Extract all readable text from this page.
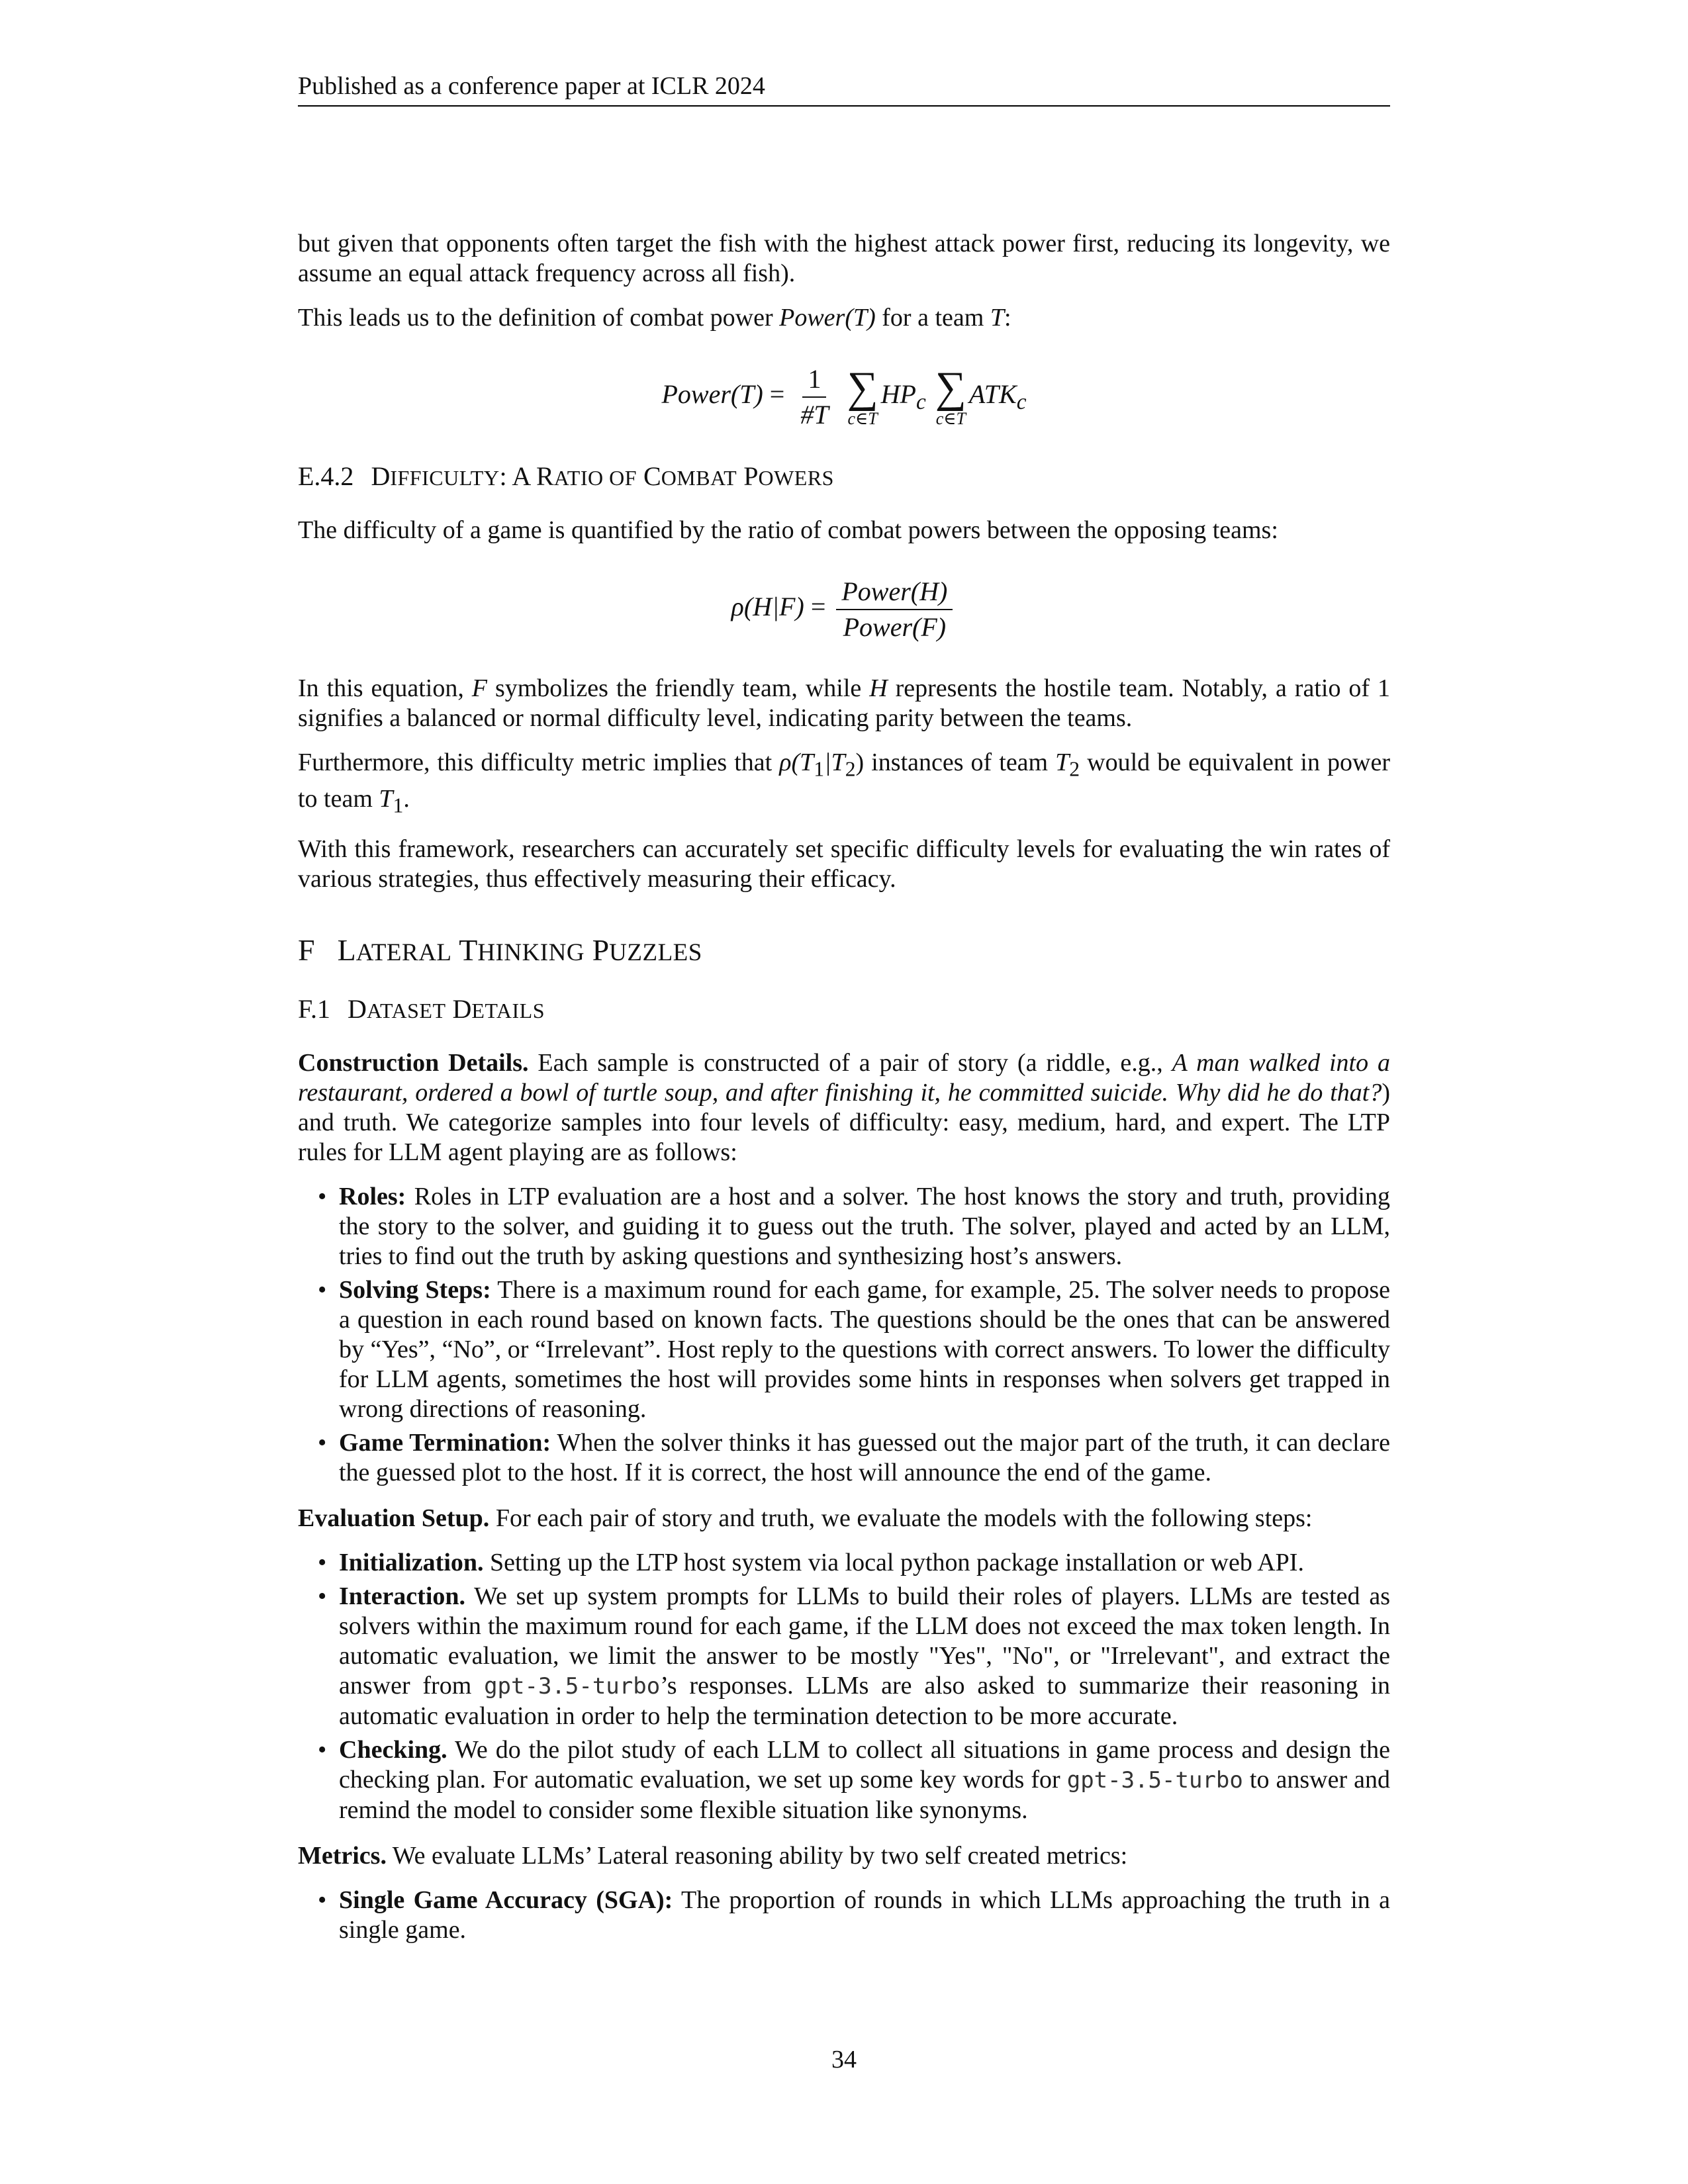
Published as a conference paper at ICLR 2024

but given that opponents often target the fish with the highest attack power first, reducing its longevity, we assume an equal attack frequency across all fish).

This leads us to the definition of combat power Power(T) for a team T:

Power(T) = $\frac{1}{\#T}$
∑
c∈T
$HP_c$ ∑
c∈T
$ATK_c$
E.4.2 DIFFICULTY: A RATIO OF COMBAT POWERS

The difficulty of a game is quantified by the ratio of combat powers between the opposing teams:

$\rho(H|F) = \frac{\text{Power(H)}}{\text{Power(F)}}$

In this equation, F symbolizes the friendly team, while H represents the hostile team. Notably, a ratio of 1 signifies a balanced or normal difficulty level, indicating parity between the teams.

Furthermore, this difficulty metric implies that $\rho(T_1|T_2)$ instances of team $T_2$ would be equivalent in power to team $T_1$.

With this framework, researchers can accurately set specific difficulty levels for evaluating the win rates of various strategies, thus effectively measuring their efficacy.

F LATERAL THINKING PUZZLES
F.1 DATASET DETAILS

Construction Details. Each sample is constructed of a pair of story (a riddle, e.g., A man walked into a restaurant, ordered a bowl of turtle soup, and after finishing it, he committed suicide. Why did he do that?) and truth. We categorize samples into four levels of difficulty: easy, medium, hard, and expert. The LTP rules for LLM agent playing are as follows:

• Roles: Roles in LTP evaluation are a host and a solver. The host knows the story and truth, providing the story to the solver, and guiding it to guess out the truth. The solver, played and acted by an LLM, tries to find out the truth by asking questions and synthesizing host’s answers.
• Solving Steps: There is a maximum round for each game, for example, 25. The solver needs to propose a question in each round based on known facts. The questions should be the ones that can be answered by “Yes”, “No”, or “Irrelevant”. Host reply to the questions with correct answers. To lower the difficulty for LLM agents, sometimes the host will provides some hints in responses when solvers get trapped in wrong directions of reasoning.
• Game Termination: When the solver thinks it has guessed out the major part of the truth, it can declare the guessed plot to the host. If it is correct, the host will announce the end of the game.

Evaluation Setup. For each pair of story and truth, we evaluate the models with the following steps:

• Initialization. Setting up the LTP host system via local python package installation or web API.
• Interaction. We set up system prompts for LLMs to build their roles of players. LLMs are tested as solvers within the maximum round for each game, if the LLM does not exceed the max token length. In automatic evaluation, we limit the answer to be mostly "Yes", "No", or "Irrelevant", and extract the answer from gpt-3.5-turbo’s responses. LLMs are also asked to summarize their reasoning in automatic evaluation in order to help the termination detection to be more accurate.
• Checking. We do the pilot study of each LLM to collect all situations in game process and design the checking plan. For automatic evaluation, we set up some key words for gpt-3.5-turbo to answer and remind the model to consider some flexible situation like synonyms.

Metrics. We evaluate LLMs’ Lateral reasoning ability by two self created metrics:

• Single Game Accuracy (SGA): The proportion of rounds in which LLMs approaching the truth in a single game.
34
